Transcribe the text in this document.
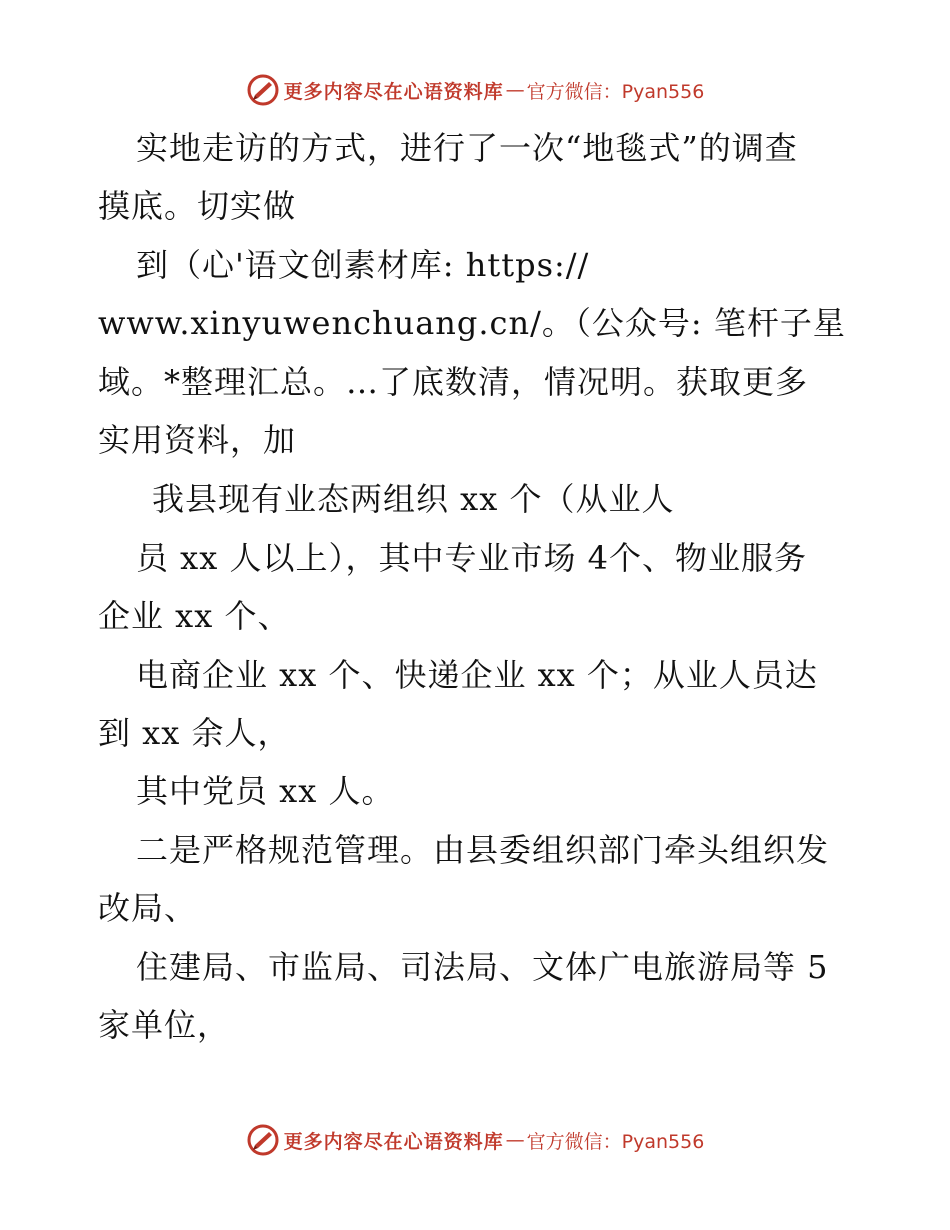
更多内容尽在心语资料库 — 官方微信：Pyan556
实地走访的方式，进行了一次“地毯式”的调查
摸底。切实做
到（心'语文创素材库: https://
www.xinyuwenchuang.cn/。（公众号: 笔杆子星
域。*整理汇总。…了底数清，情况明。获取更多
实用资料，加
我县现有业态两组织 xx 个（从业人
员 xx 人以上），其中专业市场 4个、物业服务
企业 xx 个、
电商企业 xx 个、快递企业 xx 个；从业人员达
到 xx 余人，
其中党员 xx 人。
二是严格规范管理。由县委组织部门牵头组织发
改局、
住建局、市监局、司法局、文体广电旅游局等 5
家单位，
更多内容尽在心语资料库 — 官方微信：Pyan556
